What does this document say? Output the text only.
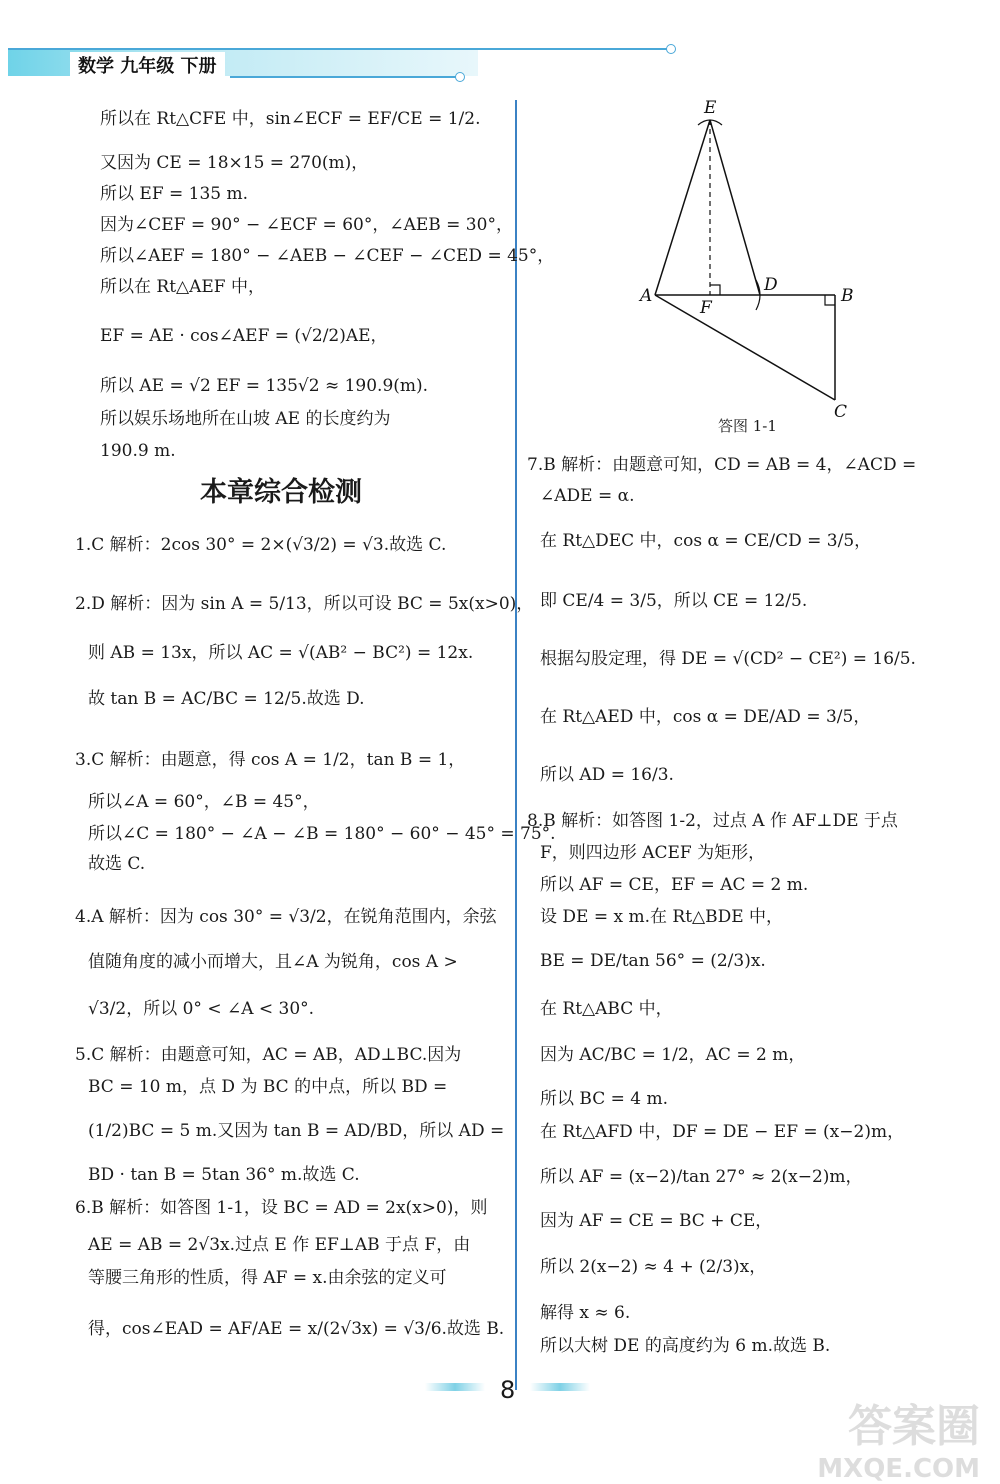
数学 九年级 下册
所以在 Rt△CFE 中，sin∠ECF = EF/CE = 1/2.
又因为 CE = 18×15 = 270(m)，
所以 EF = 135 m.
因为∠CEF = 90° − ∠ECF = 60°，∠AEB = 30°，
所以∠AEF = 180° − ∠AEB − ∠CEF − ∠CED = 45°，
所以在 Rt△AEF 中，
EF = AE · cos∠AEF = (√2/2)AE，
所以 AE = √2 EF = 135√2 ≈ 190.9(m).
所以娱乐场地所在山坡 AE 的长度约为
190.9 m.
本章综合检测
1.C 解析：2cos 30° = 2×(√3/2) = √3.故选 C.
2.D 解析：因为 sin A = 5/13，所以可设 BC = 5x(x>0)，
则 AB = 13x，所以 AC = √(AB² − BC²) = 12x.
故 tan B = AC/BC = 12/5.故选 D.
3.C 解析：由题意，得 cos A = 1/2，tan B = 1，
所以∠A = 60°，∠B = 45°，
所以∠C = 180° − ∠A − ∠B = 180° − 60° − 45° = 75°.
故选 C.
4.A 解析：因为 cos 30° = √3/2，在锐角范围内，余弦
值随角度的减小而增大，且∠A 为锐角，cos A >
√3/2，所以 0° < ∠A < 30°.
5.C 解析：由题意可知，AC = AB，AD⊥BC.因为
BC = 10 m，点 D 为 BC 的中点，所以 BD =
(1/2)BC = 5 m.又因为 tan B = AD/BD，所以 AD =
BD · tan B = 5tan 36° m.故选 C.
6.B 解析：如答图 1-1，设 BC = AD = 2x(x>0)，则
AE = AB = 2√3x.过点 E 作 EF⊥AB 于点 F，由
等腰三角形的性质，得 AF = x.由余弦的定义可
得，cos∠EAD = AF/AE = x/(2√3x) = √3/6.故选 B.
E
A
F
D
B
C
答图 1-1
7.B 解析：由题意可知，CD = AB = 4，∠ACD =
∠ADE = α.
在 Rt△DEC 中，cos α = CE/CD = 3/5，
即 CE/4 = 3/5，所以 CE = 12/5.
根据勾股定理，得 DE = √(CD² − CE²) = 16/5.
在 Rt△AED 中，cos α = DE/AD = 3/5，
所以 AD = 16/3.
8.B 解析：如答图 1-2，过点 A 作 AF⊥DE 于点
F，则四边形 ACEF 为矩形，
所以 AF = CE，EF = AC = 2 m.
设 DE = x m.在 Rt△BDE 中，
BE = DE/tan 56° = (2/3)x.
在 Rt△ABC 中，
因为 AC/BC = 1/2，AC = 2 m，
所以 BC = 4 m.
在 Rt△AFD 中，DF = DE − EF = (x−2)m，
所以 AF = (x−2)/tan 27° ≈ 2(x−2)m，
因为 AF = CE = BC + CE，
所以 2(x−2) ≈ 4 + (2/3)x，
解得 x ≈ 6.
所以大树 DE 的高度约为 6 m.故选 B.
8
答案圈
MXQE.COM
